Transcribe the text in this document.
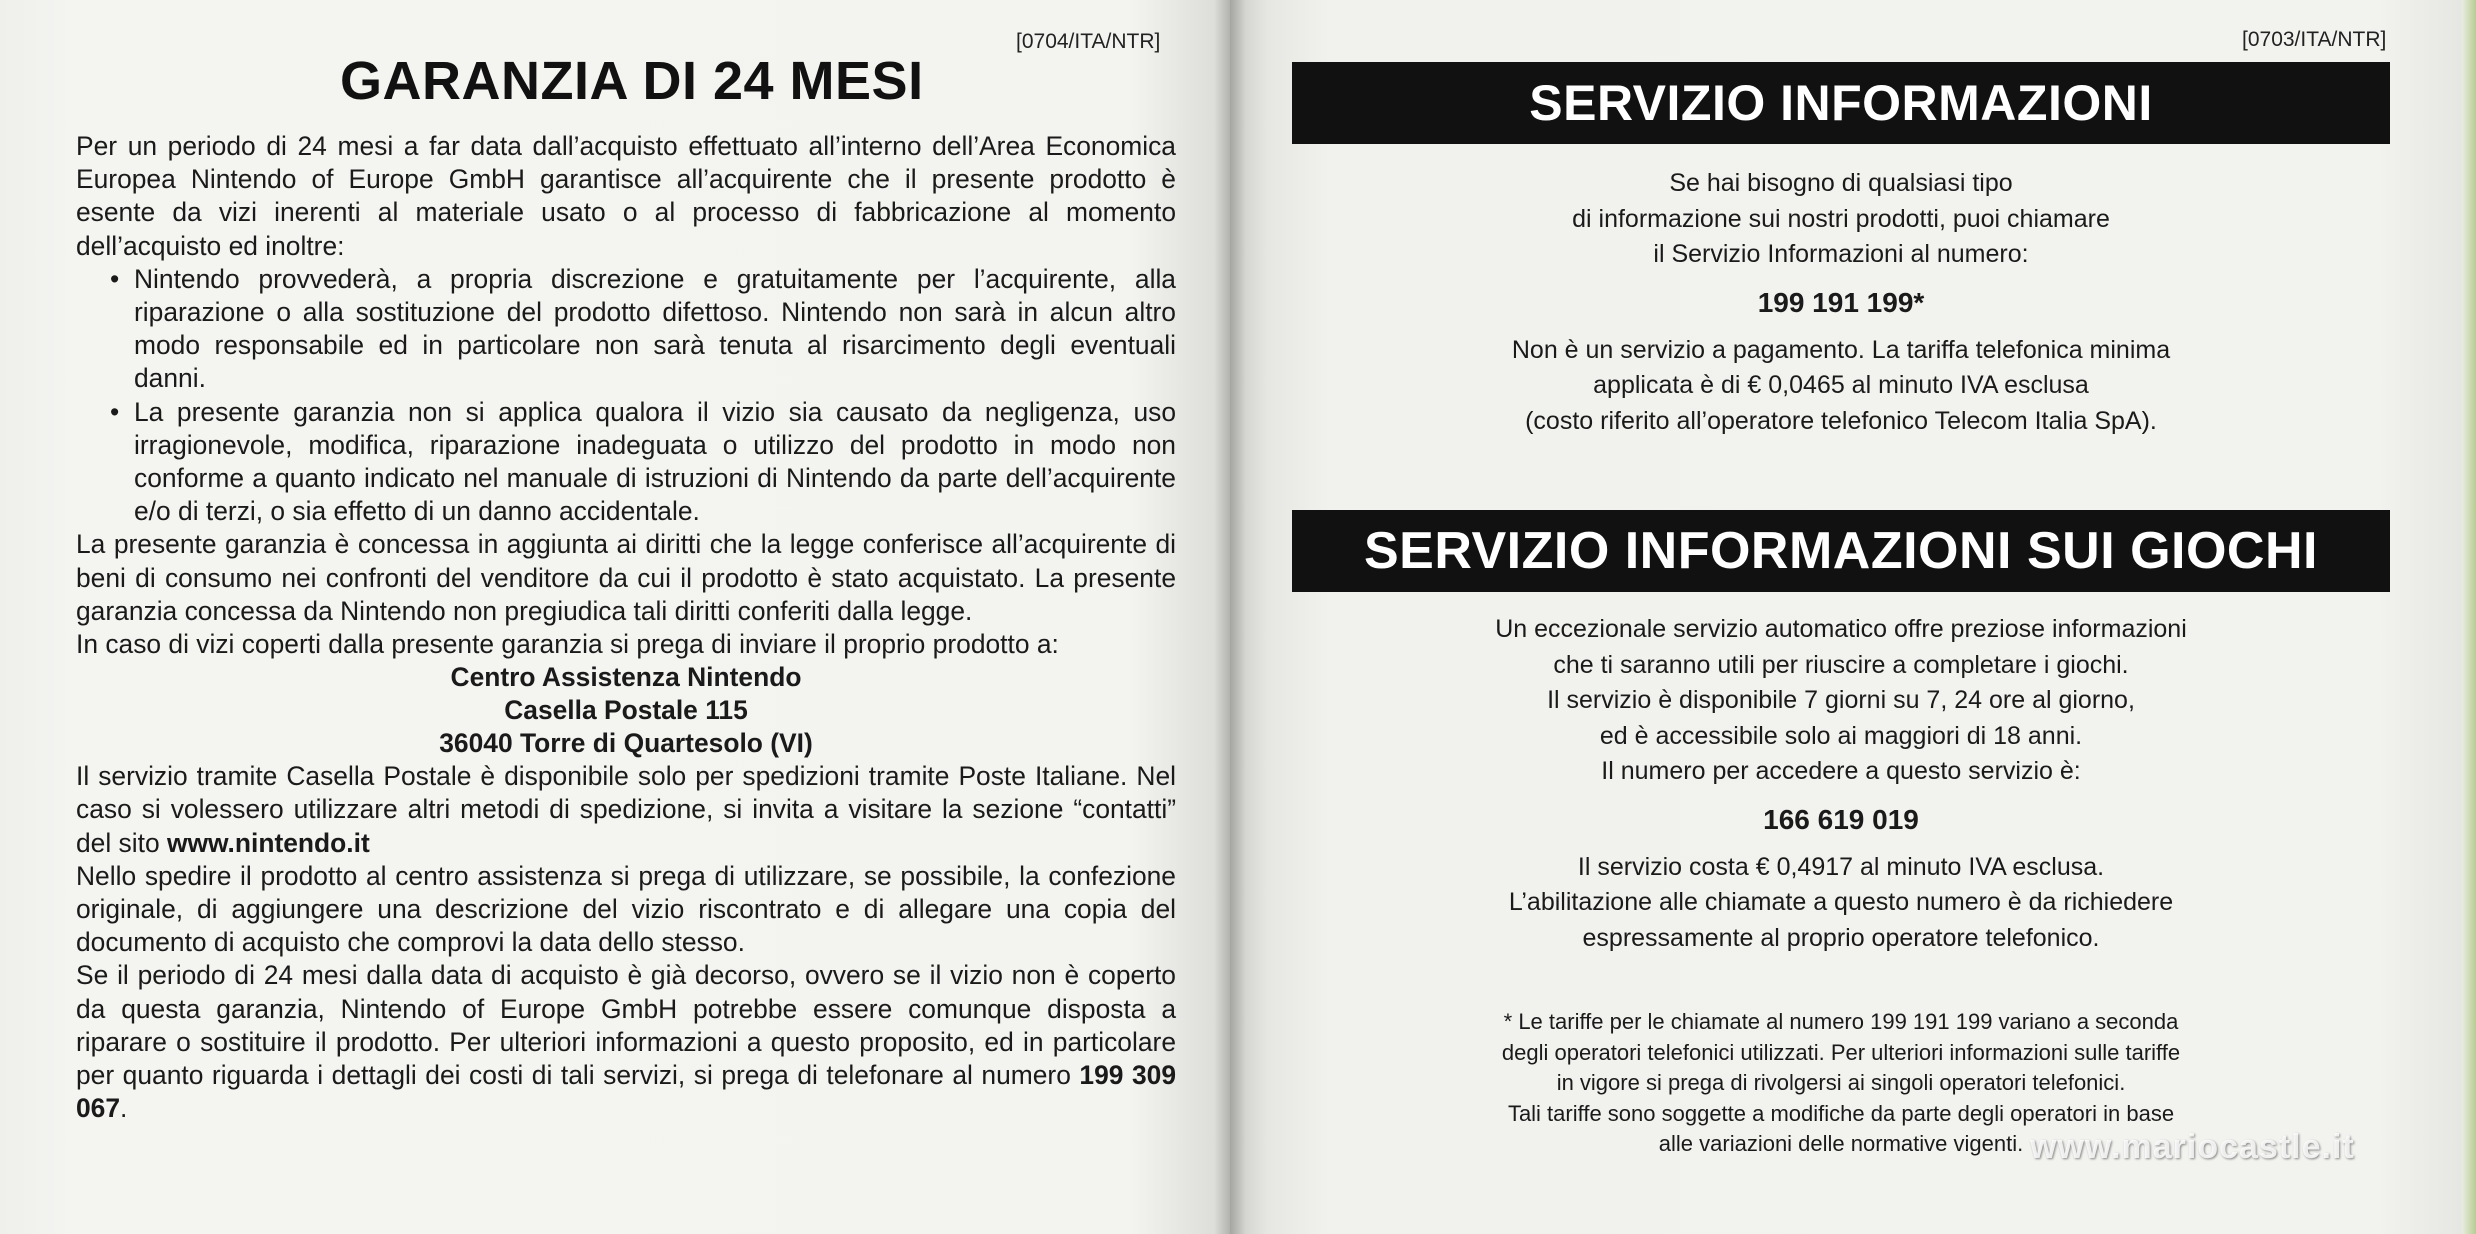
[0704/ITA/NTR]
GARANZIA DI 24 MESI

Per un periodo di 24 mesi a far data dall’acquisto effettuato all’interno dell’Area Economica Europea Nintendo of Europe GmbH garantisce all’acquirente che il presente prodotto è esente da vizi inerenti al materiale usato o al processo di fabbricazione al momento dell’acquisto ed inoltre:

• Nintendo provvederà, a propria discrezione e gratuitamente per l’acquirente, alla riparazione o alla sostituzione del prodotto difettoso. Nintendo non sarà in alcun altro modo responsabile ed in particolare non sarà tenuta al risarcimento degli eventuali danni.
• La presente garanzia non si applica qualora il vizio sia causato da negligenza, uso irragionevole, modifica, riparazione inadeguata o utilizzo del prodotto in modo non conforme a quanto indicato nel manuale di istruzioni di Nintendo da parte dell’acquirente e/o di terzi, o sia effetto di un danno accidentale.

La presente garanzia è concessa in aggiunta ai diritti che la legge conferisce all’acquirente di beni di consumo nei confronti del venditore da cui il prodotto è stato acquistato. La presente garanzia concessa da Nintendo non pregiudica tali diritti conferiti dalla legge.

In caso di vizi coperti dalla presente garanzia si prega di inviare il proprio prodotto a:

Centro Assistenza Nintendo
Casella Postale 115
36040 Torre di Quartesolo (VI)

Il servizio tramite Casella Postale è disponibile solo per spedizioni tramite Poste Italiane. Nel caso si volessero utilizzare altri metodi di spedizione, si invita a visitare la sezione “contatti” del sito www.nintendo.it

Nello spedire il prodotto al centro assistenza si prega di utilizzare, se possibile, la confezione originale, di aggiungere una descrizione del vizio riscontrato e di allegare una copia del documento di acquisto che comprovi la data dello stesso.

Se il periodo di 24 mesi dalla data di acquisto è già decorso, ovvero se il vizio non è coperto da questa garanzia, Nintendo of Europe GmbH potrebbe essere comunque disposta a riparare o sostituire il prodotto. Per ulteriori informazioni a questo proposito, ed in particolare per quanto riguarda i dettagli dei costi di tali servizi, si prega di telefonare al numero 199 309 067.

[0703/ITA/NTR]
SERVIZIO INFORMAZIONI

Se hai bisogno di qualsiasi tipo

di informazione sui nostri prodotti, puoi chiamare

il Servizio Informazioni al numero:

199 191 199*

Non è un servizio a pagamento. La tariffa telefonica minima

applicata è di € 0,0465 al minuto IVA esclusa

(costo riferito all’operatore telefonico Telecom Italia SpA).

SERVIZIO INFORMAZIONI SUI GIOCHI

Un eccezionale servizio automatico offre preziose informazioni

che ti saranno utili per riuscire a completare i giochi.

Il servizio è disponibile 7 giorni su 7, 24 ore al giorno,

ed è accessibile solo ai maggiori di 18 anni.

Il numero per accedere a questo servizio è:

166 619 019

Il servizio costa € 0,4917 al minuto IVA esclusa.

L’abilitazione alle chiamate a questo numero è da richiedere

espressamente al proprio operatore telefonico.

* Le tariffe per le chiamate al numero 199 191 199 variano a seconda

degli operatori telefonici utilizzati. Per ulteriori informazioni sulle tariffe

in vigore si prega di rivolgersi ai singoli operatori telefonici.

Tali tariffe sono soggette a modifiche da parte degli operatori in base

alle variazioni delle normative vigenti. www.mariocastle.it
